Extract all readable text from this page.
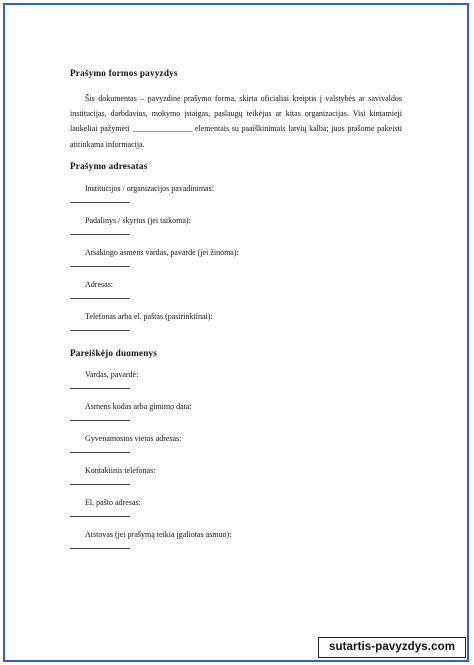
Prašymo formos pavyzdys

Šis dokumentas – pavyzdinė prašymo forma, skirta oficialiai kreiptis į valstybės ar savivaldos institucijas, darbdavius, mokymo įstaigas, paslaugų teikėjus ar kitas organizacijas. Visi kintamieji laukeliai pažymėti _______________ elementais su paaiškinimais latvių kalba; juos prašome pakeisti atitinkama informacija.

Prašymo adresatas
Institucijos / organizacijos pavadinimas:
Padalinys / skyrius (jei taikoma):
Atsakingo asmens vardas, pavardė (jei žinoma):
Adresas:
Telefonas arba el. paštas (pasirinktinai):
Pareiškėjo duomenys
Vardas, pavardė:
Asmens kodas arba gimimo data:
Gyvenamosios vietos adresas:
Kontaktinis telefonas:
El. pašto adresas:
Atstovas (jei prašymą teikia įgaliotas asmuo):
sutartis-pavyzdys.com
